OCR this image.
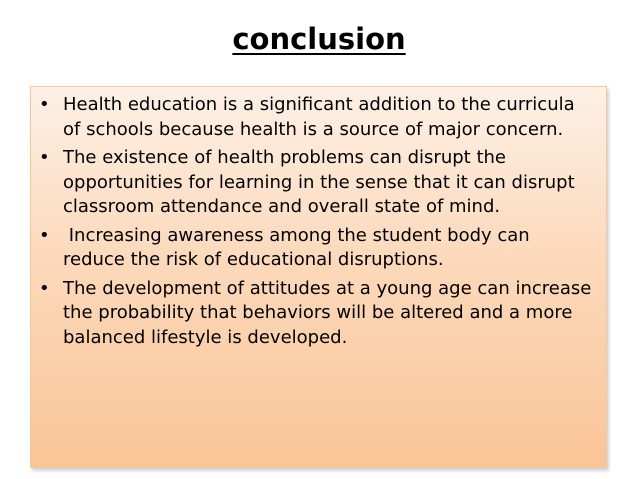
conclusion
• Health education is a significant addition to the curricula of schools because health is a source of major concern.
• The existence of health problems can disrupt the opportunities for learning in the sense that it can disrupt classroom attendance and overall state of mind.
• Increasing awareness among the student body can reduce the risk of educational disruptions.
• The development of attitudes at a young age can increase the probability that behaviors will be altered and a more balanced lifestyle is developed.
